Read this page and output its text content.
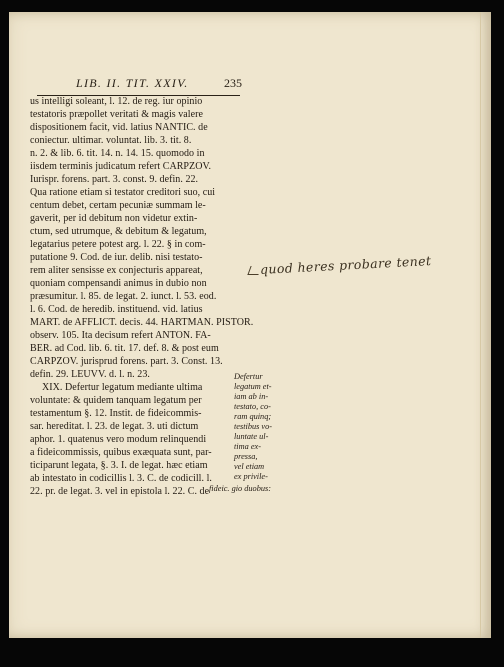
LIB. II. TIT. XXIV.	235
us intelligi soleant, l. 12. de reg. iur opinio
testatoris præpollet veritati & magis valere
dispositionem facit, vid. latius NANTIC. de
coniectur. ultimar. voluntat. lib. 3. tit. 8.
n. 2. & lib. 6. tit. 14. n. 14. 15. quomodo in
iisdem terminis judicatum refert CARPZOV.
Iurispr. forens. part. 3. const. 9. defin. 22.
Qua ratione etiam si testator creditori suo, cui
centum debet, certam pecuniæ summam le-
gaverit, per id debitum non videtur extin-
ctum, sed utrumque, & debitum & legatum,
legatarius petere potest arg. l. 22. § in com-
putatione 9. Cod. de iur. delib. nisi testato-
rem aliter sensisse ex conjecturis appareat,
quoniam compensandi animus in dubio non
præsumitur. l. 85. de legat. 2. iunct. l. 53. eod.
l. 6. Cod. de heredib. instituend. vid. latius
MART. de AFFLICT. decis. 44. HARTMAN. PISTOR.
observ. 105. Ita decisum refert ANTON. FA-
BER. ad Cod. lib. 6. tit. 17. def. 8. & post eum
CARPZOV. jurisprud forens. part. 3. Const. 13.
defin. 29. LEUVV. d. l. n. 23.
XIX. Defertur legatum mediante ultima
voluntate: & quidem tanquam legatum per
testamentum §. 12. Instit. de fideicommis-
sar. hereditat. l. 23. de legat. 3. uti dictum
aphor. 1. quatenus vero modum relinquendi
a fideicommissis, quibus exæquata sunt, par-
ticiparunt legata, §. 3. I. de legat. hæc etiam
ab intestato in codicillis l. 3. C. de codicill. l.
22. pr. de legat. 3. vel in epistola l. 22. C. de
Defertur
legatum et-
iam ab in-
testato, co-
ram quinq;
testibus vo-
luntate ul-
tima ex-
pressa,
vel etiam
ex privile-
fideic. gio duobus:
quod heres probare tenet
